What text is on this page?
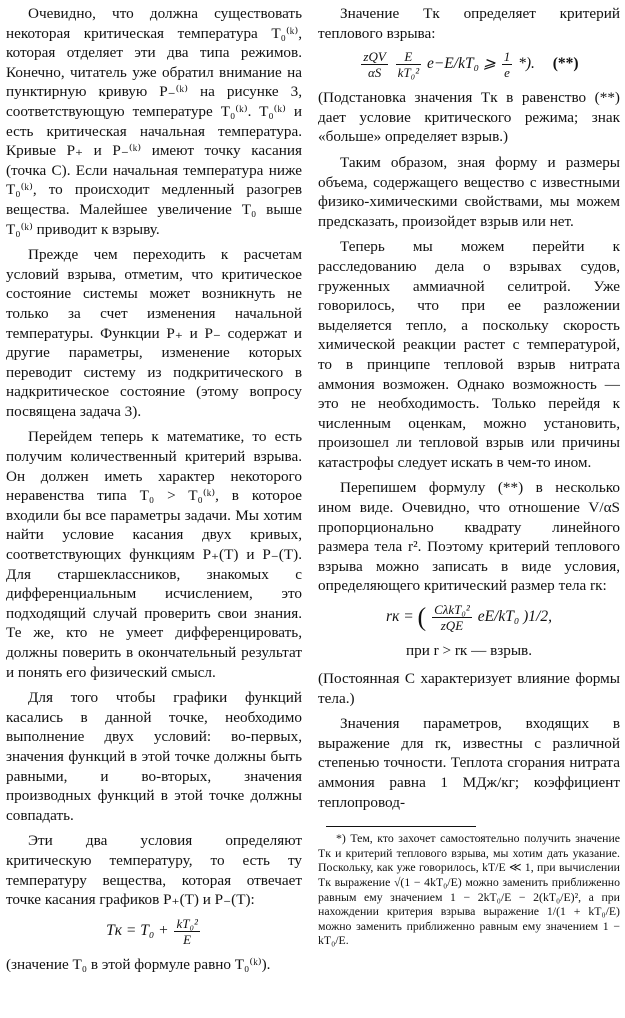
Очевидно, что должна существовать некоторая критическая температура T₀⁽ᵏ⁾, которая отделяет эти два типа режимов. Конечно, читатель уже обратил внимание на пунктирную кривую P₋⁽ᵏ⁾ на рисунке 3, соответствующую температуре T₀⁽ᵏ⁾. T₀⁽ᵏ⁾ и есть критическая начальная температура. Кривые P₊ и P₋⁽ᵏ⁾ имеют точку касания (точка C). Если начальная температура ниже T₀⁽ᵏ⁾, то происходит медленный разогрев вещества. Малейшее увеличение T₀ выше T₀⁽ᵏ⁾ приводит к взрыву.

Прежде чем переходить к расчетам условий взрыва, отметим, что критическое состояние системы может возникнуть не только за счет изменения начальной температуры. Функции P₊ и P₋ содержат и другие параметры, изменение которых переводит систему из подкритического в надкритическое состояние (этому вопросу посвящена задача 3).

Перейдем теперь к математике, то есть получим количественный критерий взрыва. Он должен иметь характер некоторого неравенства типа T₀ > T₀⁽ᵏ⁾, в которое входили бы все параметры задачи. Мы хотим найти условие касания двух кривых, соответствующих функциям P₊(T) и P₋(T). Для старшеклассников, знакомых с дифференциальным исчислением, это подходящий случай проверить свои знания. Те же, кто не умеет дифференцировать, должны поверить в окончательный результат и понять его физический смысл.

Для того чтобы графики функций касались в данной точке, необходимо выполнение двух условий: во-первых, значения функций в этой точке должны быть равными, и во-вторых, значения производных функций в этой точке должны совпадать.

Эти два условия определяют критическую температуру, то есть ту температуру вещества, которая отвечает точке касания графиков P₊(T) и P₋(T):

Tк = $T_0 + \frac{\text{kT₀²}}{E}$

(значение T₀ в этой формуле равно T₀⁽ᵏ⁾).

Значение Tк определяет критерий теплового взрыва:

$\frac{\text{zQV}}{\alpha S}$
$\frac{E}{\text{kT₀²}} e-E/kT_0$ ⩾ $\frac{1}{e}$ *). (**)

(Подстановка значения Tк в равенство (**) дает условие критического режима; знак «больше» определяет взрыв.)

Таким образом, зная форму и размеры объема, содержащего вещество с известными физико-химическими свойствами, мы можем предсказать, произойдет взрыв или нет.

Теперь мы можем перейти к расследованию дела о взрывах судов, груженных аммиачной селитрой. Уже говорилось, что при ее разложении выделяется тепло, а поскольку скорость химической реакции растет с температурой, то в принципе тепловой взрыв нитрата аммония возможен. Однако возможность — это не необходимость. Только перейдя к численным оценкам, можно установить, произошел ли тепловой взрыв или причины катастрофы следует искать в чем-то ином.

Перепишем формулу (**) в несколько ином виде. Очевидно, что отношение V/αS пропорционально квадрату линейного размера тела r². Поэтому критерий теплового взрыва можно записать в виде условия, определяющего критический размер тела rк:

rк = ( $\frac{\text{CλkT₀²}}{\text{zQE}} eE/kT_0$ )1/2,
при r > rк — взрыв.

(Постоянная C характеризует влияние формы тела.)

Значения параметров, входящих в выражение для rк, известны с различной степенью точности. Теплота сгорания нитрата аммония равна 1 МДж/кг; коэффициент теплопровод-

*) Тем, кто захочет самостоятельно получить значение Tк и критерий теплового взрыва, мы хотим дать указание. Поскольку, как уже говорилось, kT/E ≪ 1, при вычислении Tк выражение √(1 − 4kT₀/E) можно заменить приближенно равным ему значением 1 − 2kT₀/E − 2(kT₀/E)², а при нахождении критерия взрыва выражение 1/(1 + kT₀/E) можно заменить приближенно равным ему значением 1 − kT₀/E.
